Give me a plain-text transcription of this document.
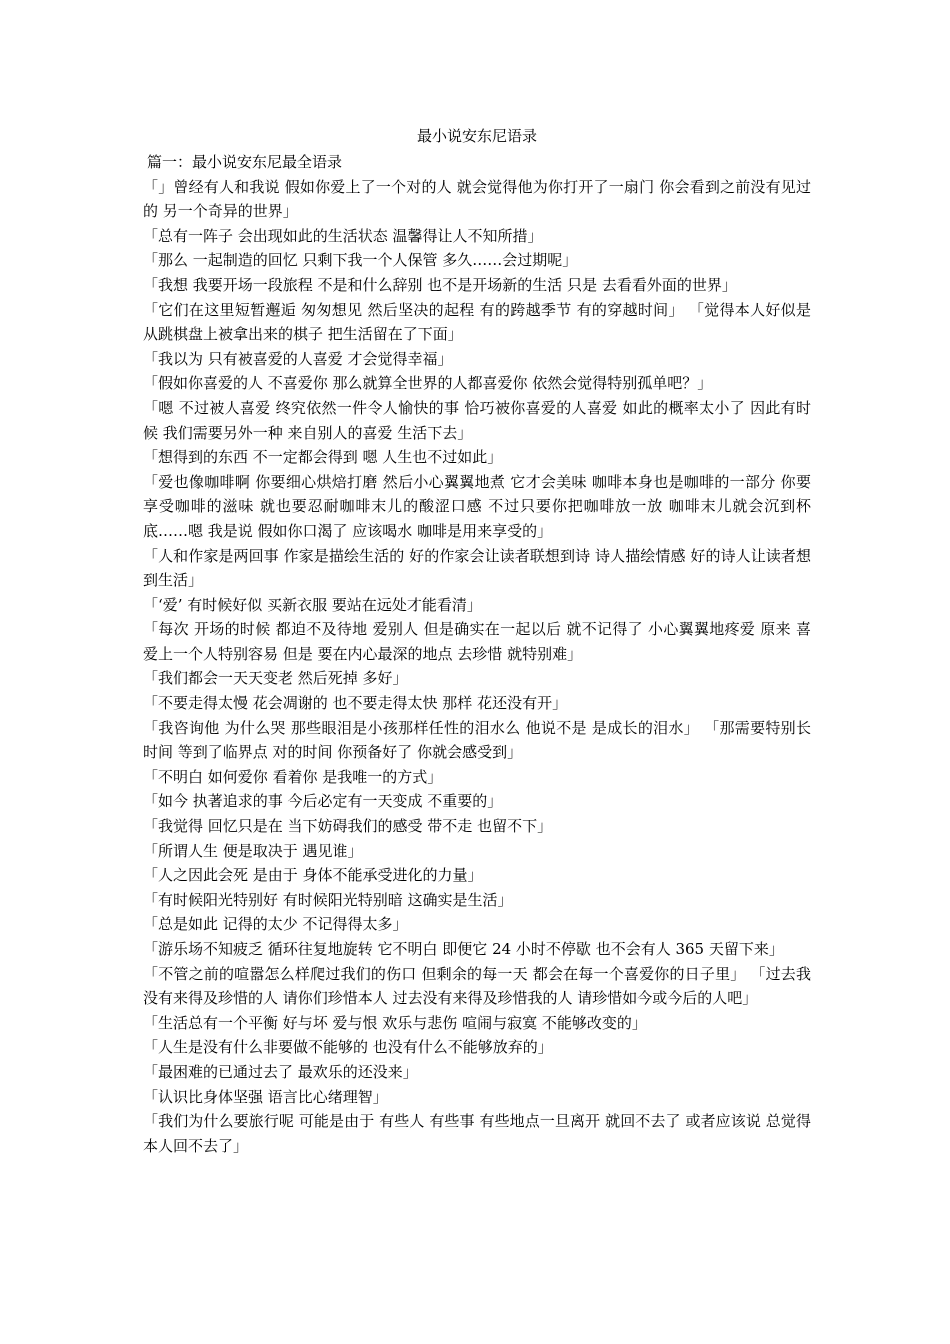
最小说安东尼语录

篇一：最小说安东尼最全语录

「」曾经有人和我说 假如你爱上了一个对的人 就会觉得他为你打开了一扇门 你会看到之前没有见过的 另一个奇异的世界」

「总有一阵子 会出现如此的生活状态 温馨得让人不知所措」

「那么 一起制造的回忆 只剩下我一个人保管 多久……会过期呢」

「我想 我要开场一段旅程 不是和什么辞别 也不是开场新的生活 只是 去看看外面的世界」

「它们在这里短暂邂逅 匆匆想见 然后坚决的起程 有的跨越季节 有的穿越时间」 「觉得本人好似是从跳棋盘上被拿出来的棋子 把生活留在了下面」

「我以为 只有被喜爱的人喜爱 才会觉得幸福」

「假如你喜爱的人 不喜爱你 那么就算全世界的人都喜爱你 依然会觉得特别孤单吧？」

「嗯 不过被人喜爱 终究依然一件令人愉快的事 恰巧被你喜爱的人喜爱 如此的概率太小了 因此有时候 我们需要另外一种 来自别人的喜爱 生活下去」

「想得到的东西 不一定都会得到 嗯 人生也不过如此」

「爱也像咖啡啊 你要细心烘焙打磨 然后小心翼翼地煮 它才会美味 咖啡本身也是咖啡的一部分 你要享受咖啡的滋味 就也要忍耐咖啡末儿的酸涩口感 不过只要你把咖啡放一放 咖啡末儿就会沉到杯底……嗯 我是说 假如你口渴了 应该喝水 咖啡是用来享受的」

「人和作家是两回事 作家是描绘生活的 好的作家会让读者联想到诗 诗人描绘情感 好的诗人让读者想到生活」

「‘爱’ 有时候好似 买新衣服 要站在远处才能看清」

「每次 开场的时候 都迫不及待地 爱别人 但是确实在一起以后 就不记得了 小心翼翼地疼爱 原来 喜爱上一个人特别容易 但是 要在内心最深的地点 去珍惜 就特别难」

「我们都会一天天变老 然后死掉 多好」

「不要走得太慢 花会凋谢的 也不要走得太快 那样 花还没有开」

「我咨询他 为什么哭 那些眼泪是小孩那样任性的泪水么 他说不是 是成长的泪水」 「那需要特别长时间 等到了临界点 对的时间 你预备好了 你就会感受到」

「不明白 如何爱你 看着你 是我唯一的方式」

「如今 执著追求的事 今后必定有一天变成 不重要的」

「我觉得 回忆只是在 当下妨碍我们的感受 带不走 也留不下」

「所谓人生 便是取决于 遇见谁」

「人之因此会死 是由于 身体不能承受进化的力量」

「有时候阳光特别好 有时候阳光特别暗 这确实是生活」

「总是如此 记得的太少 不记得得太多」

「游乐场不知疲乏 循环往复地旋转 它不明白 即便它 24 小时不停歇 也不会有人 365 天留下来」

「不管之前的喧嚣怎么样爬过我们的伤口 但剩余的每一天 都会在每一个喜爱你的日子里」 「过去我没有来得及珍惜的人 请你们珍惜本人 过去没有来得及珍惜我的人 请珍惜如今或今后的人吧」

「生活总有一个平衡 好与坏 爱与恨 欢乐与悲伤 喧闹与寂寞 不能够改变的」

「人生是没有什么非要做不能够的 也没有什么不能够放弃的」

「最困难的已通过去了 最欢乐的还没来」

「认识比身体坚强 语言比心绪理智」

「我们为什么要旅行呢 可能是由于 有些人 有些事 有些地点一旦离开 就回不去了 或者应该说 总觉得 本人回不去了」
